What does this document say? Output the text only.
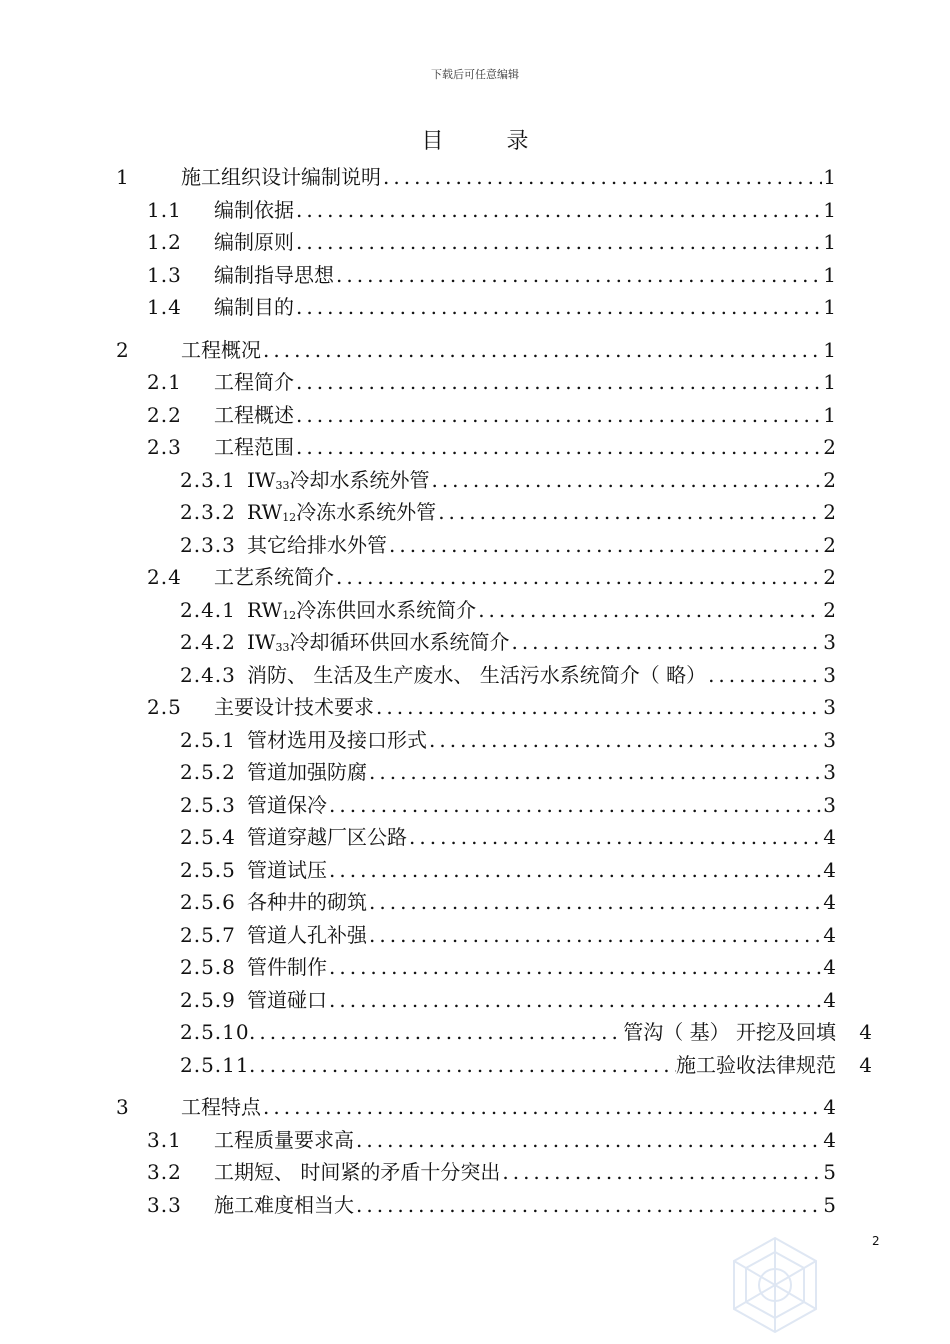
下载后可任意编辑
目 录
1	施工组织设计编制说明 .....	1
1.1 编制依据 .....	1
1.2 编制原则 .....	1
1.3 编制指导思想 .....	1
1.4 编制目的 .....	1
2	工程概况 .....	1
2.1 工程简介 .....	1
2.2 工程概述 .....	1
2.3 工程范围 .....	2
2.3.1 $IW_{33}$冷却水系统外管 .....	2
2.3.2 $RW_{12}$冷冻水系统外管 .....	2
2.3.3 其它给排水外管 .....	2
2.4 工艺系统简介 .....	2
2.4.1 $RW_{12}$冷冻供回水系统简介 .....	2
2.4.2 $IW_{33}$冷却循环供回水系统简介 .....	3
2.4.3 消防、 生活及生产废水、 生活污水系统简介（ 略） .....	3
2.5 主要设计技术要求 .....	3
2.5.1 管材选用及接口形式 .....	3
2.5.2 管道加强防腐 .....	3
2.5.3 管道保冷 .....	3
2.5.4 管道穿越厂区公路 .....	4
2.5.5 管道试压 .....	4
2.5.6 各种井的砌筑 .....	4
2.5.7 管道人孔补强 .....	4
2.5.8 管件制作 .....	4
2.5.9 管道碰口 .....	4
2.5.10	管沟（ 基） 开挖及回填 .....	4
2.5.11	施工验收法律规范 .....	4
3	工程特点 .....	4
3.1 工程质量要求高 .....	4
3.2 工期短、 时间紧的矛盾十分突出 .....	5
3.3 施工难度相当大 .....	5
2
